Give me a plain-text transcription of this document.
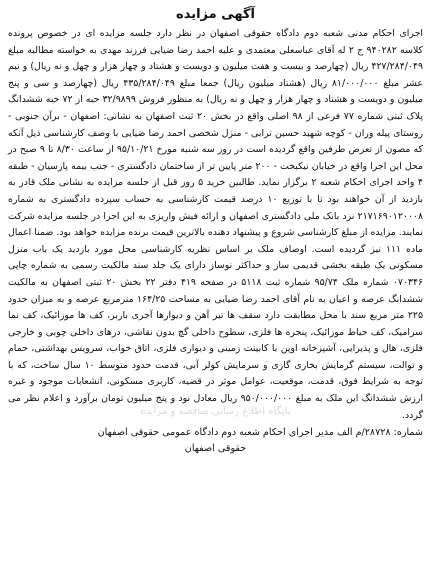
آگهی مزایده

اجرای احکام مدنی شعبه دوم دادگاه حقوقی اصفهان در نظر دارد جلسه مزایده ای در خصوص پرونده کلاسه ۹۴۰۲۸۲ ج ۲ له آقای عباسعلی معتمدی و علیه احمد رضا ضیایی فرزند مهدی به خواسته مطالبه مبلغ ۴۲۷/۲۸۴/۰۴۹ ریال (چهارصد و بیست و هفت میلیون و دویست و هشتاد و چهار هزار و چهل و نه ریال) و نیم عشر مبلغ ۸۱/۰۰۰/۰۰۰ ریال (هشتاد میلیون ریال) جمعا مبلغ ۴۳۵/۲۸۴/۰۴۹ ریال (چهارصد و سی و پنج میلیون و دویست و هشتاد و چهار هزار و چهل و نه ریال) به منظور فروش ۳۲/۹۸۹۹ حبه از ۷۲ حبه ششدانگ پلاک ثبتی شماره ۷۷ فرعی از ۹۸ اصلی واقع در بخش ۲۰ ثبت اصفهان به نشانی: اصفهان - برآن جنوبی - روستای پیله وران - کوچه شهید حسین ترابی - منزل شخصی احمد رضا ضیایی با وصف کارشناسی ذیل آنکه که مصون از تعرض طرفین واقع گردیده است در روز سه شنبه مورخ ۹۵/۱۰/۲۱ از ساعت ۸/۳۰ تا ۹ صبح در محل این اجرا واقع در خیابان نیکبخت - ۲۰۰ متر پایین تر از ساختمان دادگستری - جنب بیمه پارسیان - طبقه ۴ واحد اجرای احکام شعبه ۲ برگزار نماید. طالبین خرید ۵ روز قبل از جلسه مزایده به نشانی ملک قادر به بازدید از آن خواهند بود تا با توزیع ۱۰ درصد قیمت کارشناسی به حساب سپرده دادگستری به شماره ۲۱۷۱۶۹۰۱۲۰۰۰۸ نزد بانک ملی دادگستری اصفهان و ارائه فیش واریزی به این اجرا در جلسه مزایده شرکت نمایند. مزایده از مبلغ کارشناسی شروع و پیشنهاد دهنده بالاترین قیمت برنده مزایده خواهد بود. ضمنا اعمال ماده ۱۱۱ نیز گردیده است. اوصاف ملک بر اساس نظریه کارشناسی محل مورد بازدید یک باب منزل مسکونی یک طبقه بخشی قدیمی ساز و حداکثر نوساز دارای یک جلد سند مالکیت رسمی به شماره چاپی ۰۷۰۳۴۶ شماره ملک ۹۵/۷۴ شماره ثبت ۵۱۱۸ در صفحه ۴۱۹ دفتر ۲۲ بخش ۲۰ ثبتی اصفهان به مالکیت ششدانگ عرصه و اعیان به نام آقای احمد رضا ضیایی به مساحت ۱۶۴/۲۵ مترمربع عرصه و به میزان حدود ۲۲۵ متر مربع سند با محل مطابقت دارد سقف ها تیر آهن و دیوارها آجری باربر، کف ها موزائیک، کف نما سرامیک، کف حیاط موزائیک، پنجره ها فلزی، سطوح داخلی گچ بدون نقاشی، درهای داخلی چوبی و خارجی فلزی، هال و پذیرایی، آشپزخانه اوپن با کابینت زمینی و دیواری فلزی، اتاق خواب، سرویس بهداشتی، حمام و توالت، سیستم گرمایش بخاری گازی و سرمایش کولر آبی، قدمت حدود متوسط ۱۰ سال ساخت، که با توجه به شرایط فوق، قدمت، موقعیت، عوامل موثر در قضیه، کاربری مسکونی، انشعابات موجود و غیره ارزش ششدانگ این ملک به مبلغ ۹۵۰/۰۰۰/۰۰۰ ریال معادل نود و پنج میلیون تومان برآورد و اعلام نظر می گردد.

شماره: ۲۸۷۲۸/م الف مدیر اجرای احکام شعبه دوم دادگاه عمومی حقوقی اصفهان
حقوقی اصفهان
پایگاه اطلاع رسانی مناقصه و مزایده
